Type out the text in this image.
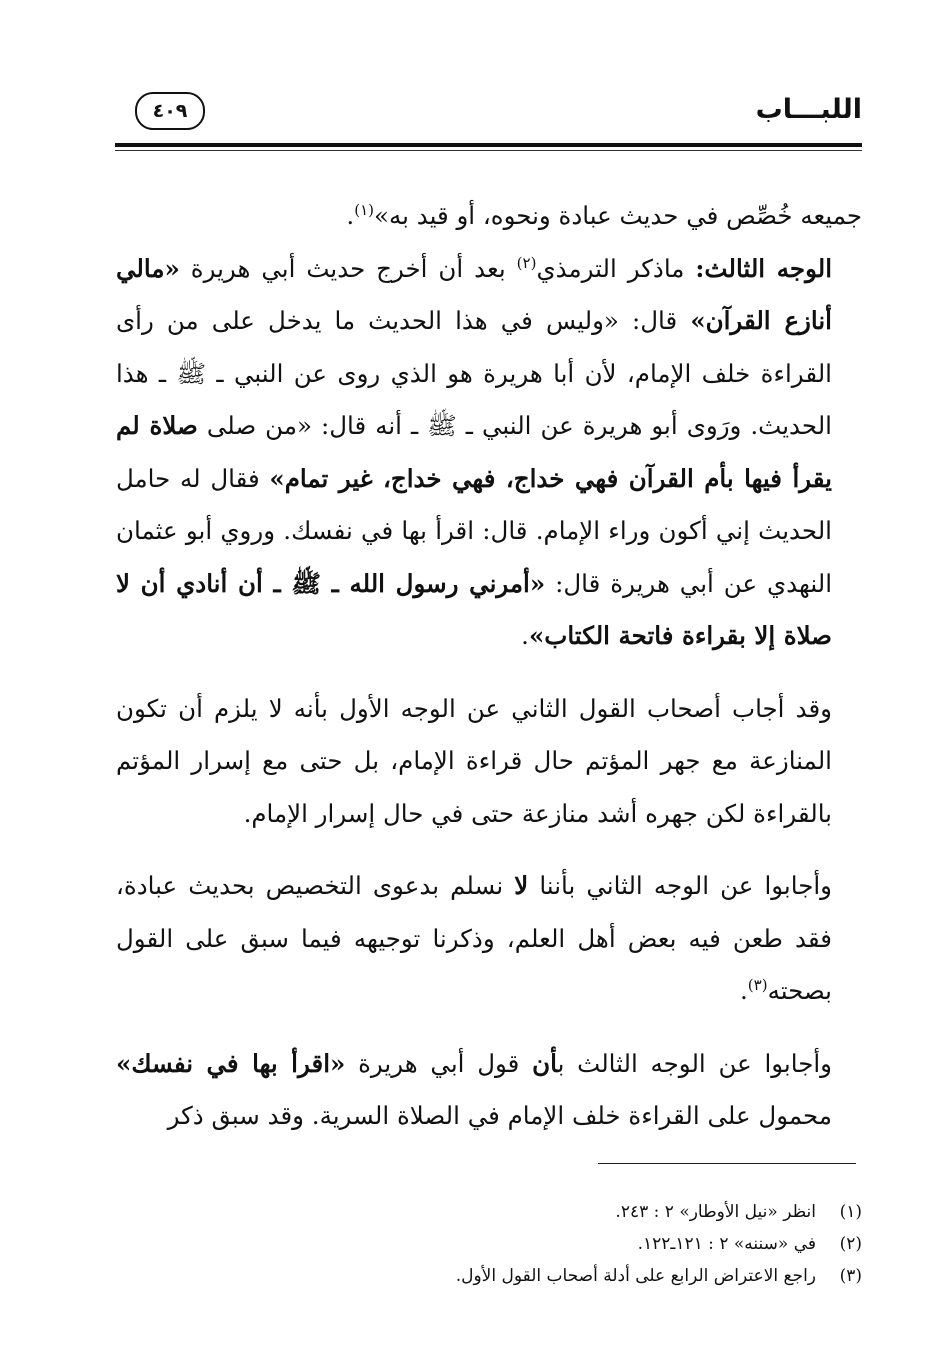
اللبـــاب
٤٠٩

جميعه خُصِّص في حديث عبادة ونحوه، أو قيد به»$^{(١)}$.

الوجه الثالث: ماذكر الترمذي$^{(٢)}$ بعد أن أخرج حديث أبي هريرة «مالي أنازع القرآن» قال: «وليس في هذا الحديث ما يدخل على من رأى القراءة خلف الإمام، لأن أبا هريرة هو الذي روى عن النبي ـ ﷺ ـ هذا الحديث. ورَوى أبو هريرة عن النبي ـ ﷺ ـ أنه قال: «من صلى صلاة لم يقرأ فيها بأم القرآن فهي خداج، فهي خداج، غير تمام» فقال له حامل الحديث إني أكون وراء الإمام. قال: اقرأ بها في نفسك. وروي أبو عثمان النهدي عن أبي هريرة قال: «أمرني رسول الله ـ ﷺ ـ أن أنادي أن لا صلاة إلا بقراءة فاتحة الكتاب».

وقد أجاب أصحاب القول الثاني عن الوجه الأول بأنه لا يلزم أن تكون المنازعة مع جهر المؤتم حال قراءة الإمام، بل حتى مع إسرار المؤتم بالقراءة لكن جهره أشد منازعة حتى في حال إسرار الإمام.

وأجابوا عن الوجه الثاني بأننا لا نسلم بدعوى التخصيص بحديث عبادة، فقد طعن فيه بعض أهل العلم، وذكرنا توجيهه فيما سبق على القول بصحته$^{(٣)}$.

وأجابوا عن الوجه الثالث بأن قول أبي هريرة «اقرأ بها في نفسك» محمول على القراءة خلف الإمام في الصلاة السرية. وقد سبق ذكر

(١)انظر «نيل الأوطار» ٢ : ٢٤٣.
(٢)في «سننه» ٢ : ١٢١ـ١٢٢.
(٣)راجع الاعتراض الرابع على أدلة أصحاب القول الأول.
